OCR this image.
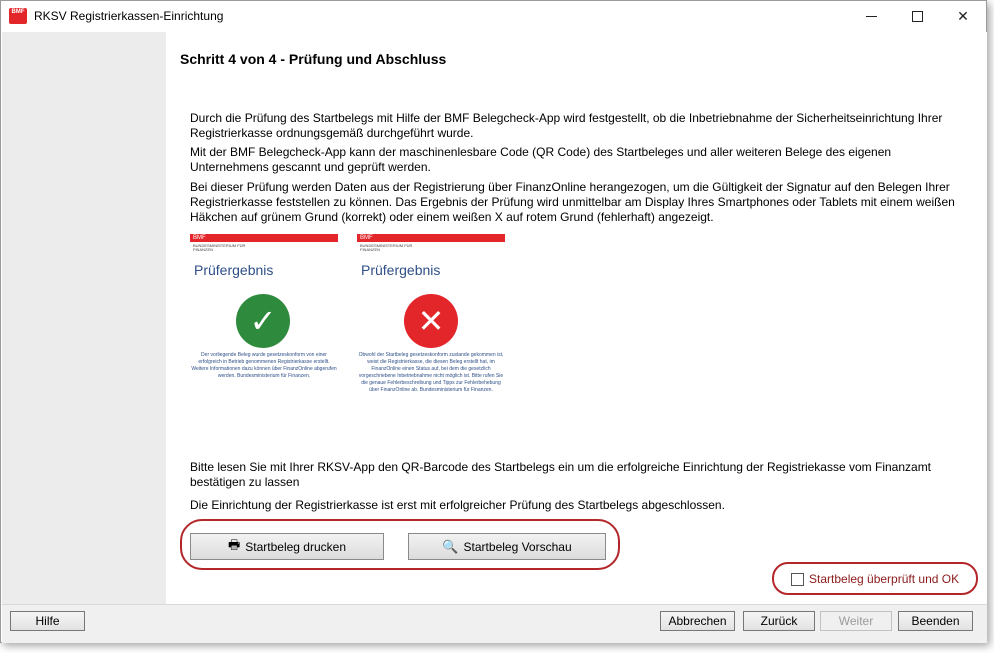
BMF RKSV Registrierkassen-Einrichtung	✕
Schritt 4 von 4 - Prüfung und Abschluss
Durch die Prüfung des Startbelegs mit Hilfe der BMF Belegcheck-App wird festgestellt, ob die Inbetriebnahme der Sicherheitseinrichtung Ihrer Registrierkasse ordnungsgemäß durchgeführt wurde.
Mit der BMF Belegcheck-App kann der maschinenlesbare Code (QR Code) des Startbeleges und aller weiteren Belege des eigenen Unternehmens gescannt und geprüft werden.
Bei dieser Prüfung werden Daten aus der Registrierung über FinanzOnline herangezogen, um die Gültigkeit der Signatur auf den Belegen Ihrer Registrierkasse feststellen zu können. Das Ergebnis der Prüfung wird unmittelbar am Display Ihres Smartphones oder Tablets mit einem weißen Häkchen auf grünem Grund (korrekt) oder einem weißen X auf rotem Grund (fehlerhaft) angezeigt.
BMF
BUNDESMINISTERIUM FÜR FINANZEN
Prüfergebnis
✓
Der vorliegende Beleg wurde gesetzeskonform von einer erfolgreich in Betrieb genommenen Registrierkasse erstellt. Weitere Informationen dazu können über FinanzOnline abgerufen werden. Bundesministerium für Finanzen.
BMF
BUNDESMINISTERIUM FÜR FINANZEN
Prüfergebnis
✕
Obwohl der Startbeleg gesetzeskonform zustande gekommen ist, weist die Registrierkasse, die diesen Beleg erstellt hat, im FinanzOnline einen Status auf, bei dem die gesetzlich vorgeschriebene Inbetriebnahme nicht möglich ist. Bitte rufen Sie die genaue Fehlerbeschreibung und Tipps zur Fehlerbehebung über FinanzOnline ab. Bundesministerium für Finanzen.
Bitte lesen Sie mit Ihrer RKSV-App den QR-Barcode des Startbelegs ein um die erfolgreiche Einrichtung der Registriekasse vom Finanzamt bestätigen zu lassen
Die Einrichtung der Registrierkasse ist erst mit erfolgreicher Prüfung des Startbelegs abgeschlossen.
🖶 Startbeleg drucken	🔍 Startbeleg Vorschau
Startbeleg überprüft und OK
Hilfe	Abbrechen	Zurück	Weiter	Beenden
